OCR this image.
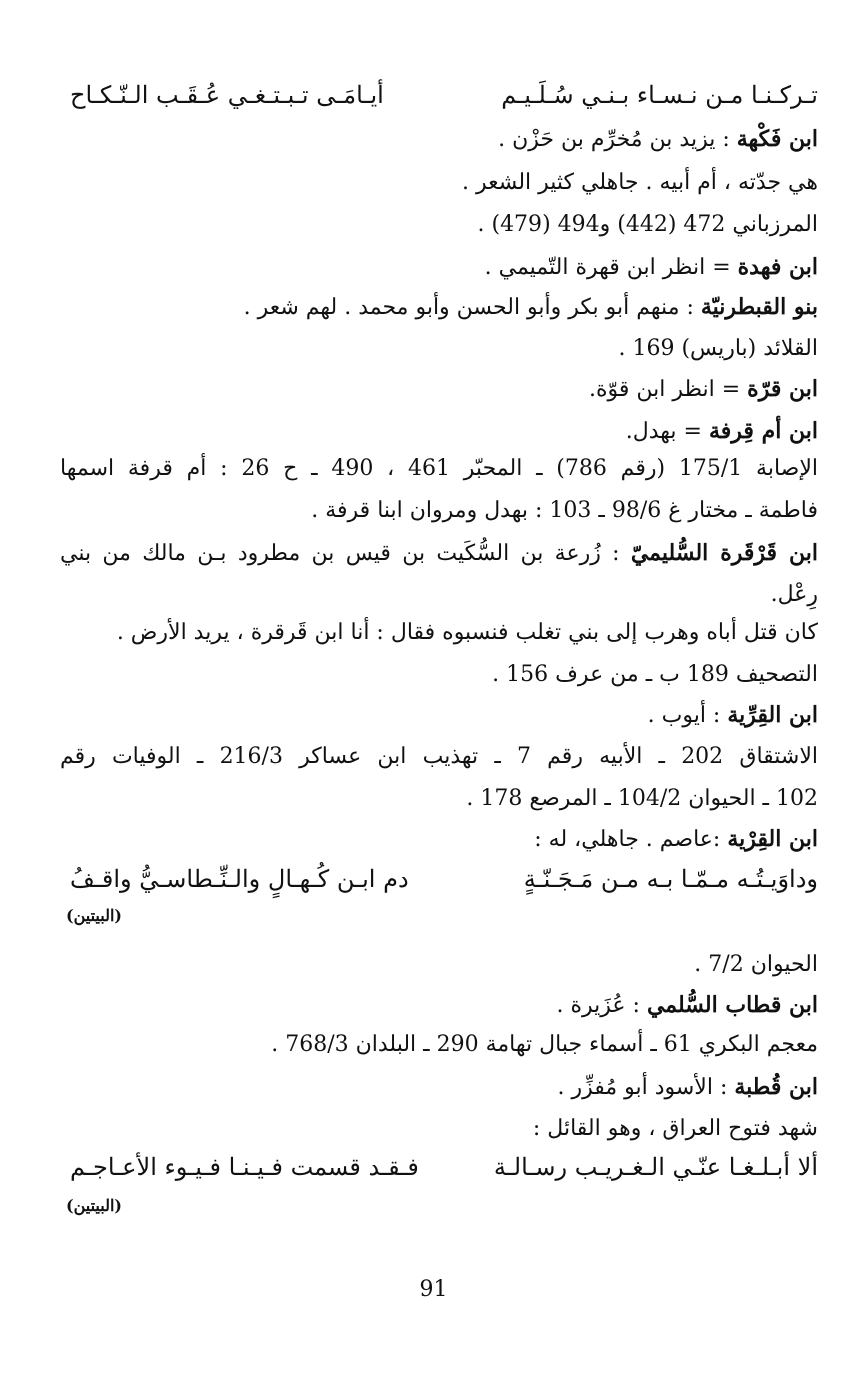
تـركـنـا مـن نـسـاء بـنـي سُـلَـيـم
أيـامَـى تـبـتـغـي عُـقَـب الـنّـكـاح
ابن فَكْهة : يزيد بن مُخرِّم بن حَزْن .
هي جدّته ، أم أبيه . جاهلي كثير الشعر .
المرزباني 472 (442) و494 (479) .
ابن فهدة = انظر ابن قهرة التّميمي .
بنو القبطرنيّة : منهم أبو بكر وأبو الحسن وأبو محمد . لهم شعر .
القلائد (باريس) 169 .
ابن قرّة = انظر ابن قوّة.
ابن أم قِرفة = بهدل.
الإصابة 175/1 (رقم 786) ـ المحبّر 461 ، 490 ـ ح 26 : أم قرفة اسمها
فاطمة ـ مختار غ 98/6 ـ 103 : بهدل ومروان ابنا قرفة .
ابن قَرْقَرة السُّليميّ : زُرعة بن السُّكَيت بن قيس بن مطرود بـن مالك من بني
رِعْل.
كان قتل أباه وهرب إلى بني تغلب فنسبوه فقال : أنا ابن قَرقرة ، يريد الأرض .
التصحيف 189 ب ـ من عرف 156 .
ابن القِرِّية : أيوب .
الاشتقاق 202 ـ الأبيه رقم 7 ـ تهذيب ابن عساكر 216/3 ـ الوفيات رقم
102 ـ الحيوان 104/2 ـ المرصع 178 .
ابن القِرْية :عاصم . جاهلي، له :
وداوَيـتُـه مـمّـا بـه مـن مَـجَـنّـةٍ
دم ابـن كُـهـالٍ والـنِّـطاسـيُّ واقـفُ
(البيتين)
الحيوان 7/2 .
ابن قطاب السُّلمي : عُزَيرة .
معجم البكري 61 ـ أسماء جبال تهامة 290 ـ البلدان 768/3 .
ابن قُطبة : الأسود أبو مُفزِّر .
شهد فتوح العراق ، وهو القائل :
ألا أبـلـغـا عنّـي الـغـريـب رسـالـة
فـقـد قسمت فـيـنـا فـيـوء الأعـاجـم
(البيتين)
91
